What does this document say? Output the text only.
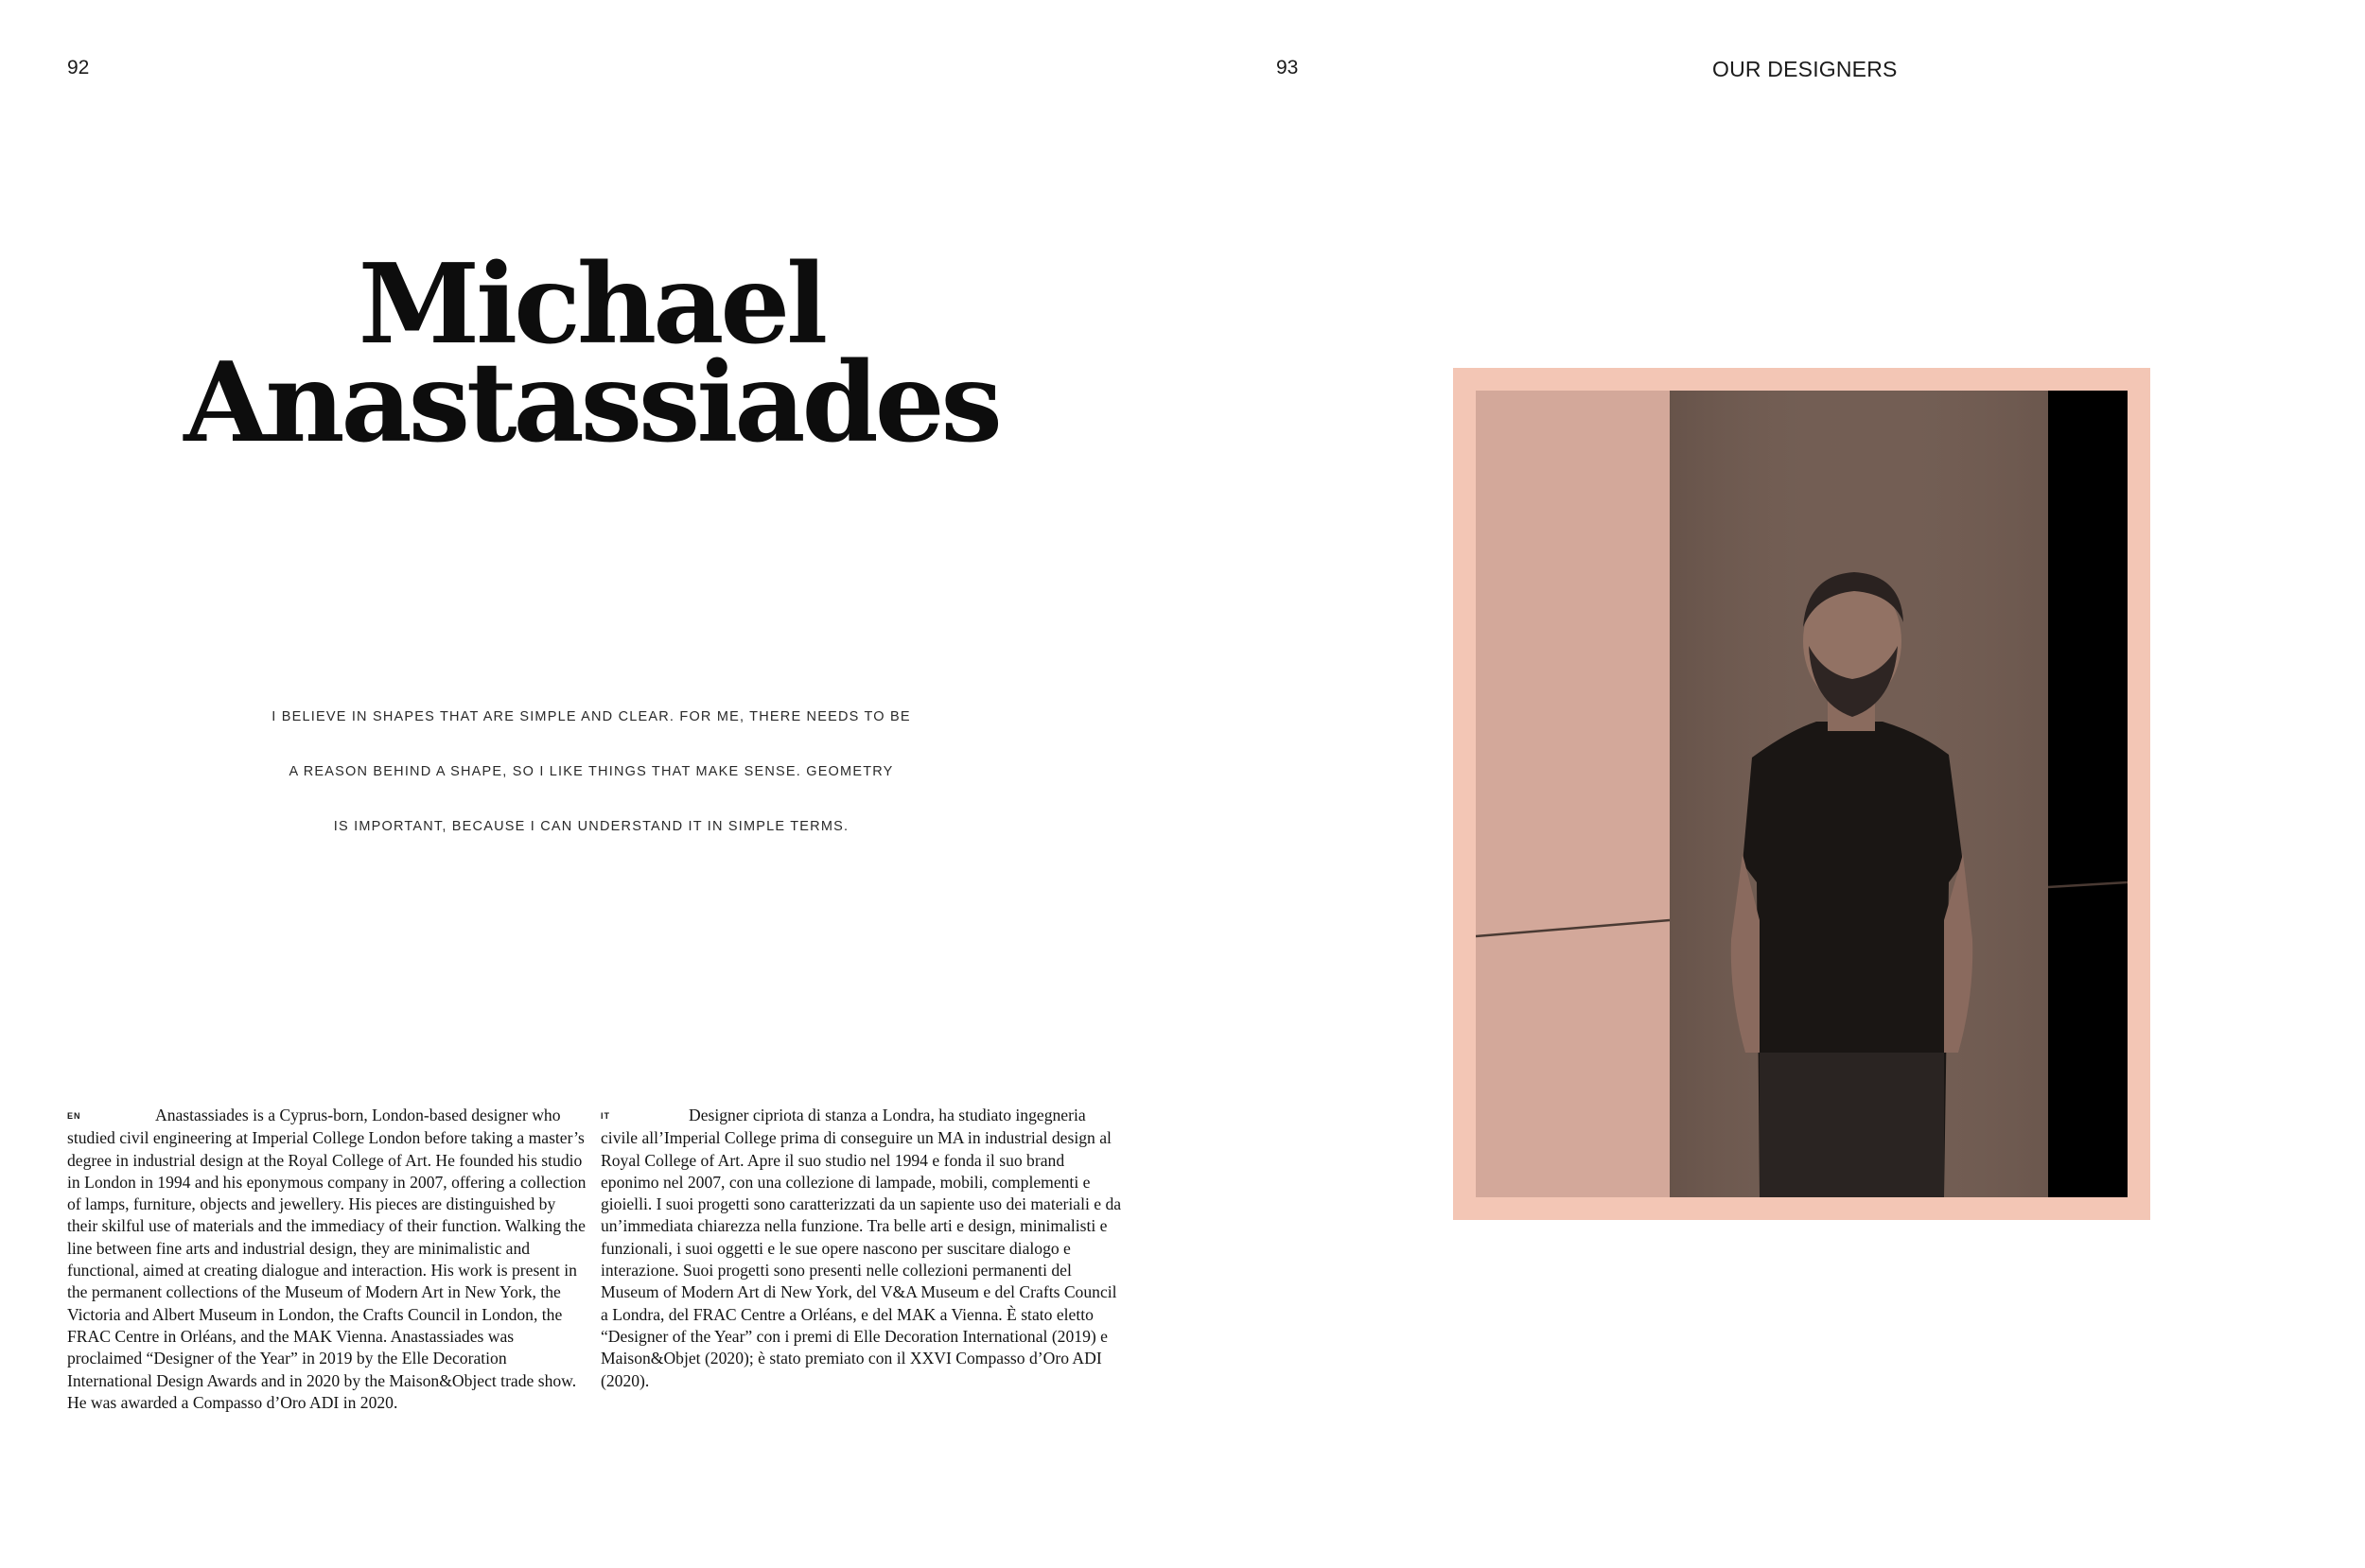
92	93	OUR DESIGNERS
Michael
Anastassiades
I BELIEVE IN SHAPES THAT ARE SIMPLE AND CLEAR. FOR ME, THERE NEEDS TO BE
A REASON BEHIND A SHAPE, SO I LIKE THINGS THAT MAKE SENSE. GEOMETRY
IS IMPORTANT, BECAUSE I CAN UNDERSTAND IT IN SIMPLE TERMS.
EN	Anastassiades is a Cyprus-born, London-based designer who studied civil engineering at Imperial College London before taking a master’s degree in industrial design at the Royal College of Art. He founded his studio in London in 1994 and his eponymous company in 2007, offering a collection of lamps, furniture, objects and jewellery. His pieces are distinguished by their skilful use of materials and the immediacy of their function. Walking the line between fine arts and industrial design, they are minimalistic and functional, aimed at creating dialogue and interaction. His work is present in the permanent collections of the Museum of Modern Art in New York, the Victoria and Albert Museum in London, the Crafts Council in London, the FRAC Centre in Orléans, and the MAK Vienna. Anastassiades was proclaimed “Designer of the Year” in 2019 by the Elle Decoration International Design Awards and in 2020 by the Maison&Object trade show. He was awarded a Compasso d’Oro ADI in 2020.
IT	Designer cipriota di stanza a Londra, ha studiato ingegneria civile all’Imperial College prima di conseguire un MA in industrial design al Royal College of Art. Apre il suo studio nel 1994 e fonda il suo brand eponimo nel 2007, con una collezione di lampade, mobili, complementi e gioielli. I suoi progetti sono caratterizzati da un sapiente uso dei materiali e da un’immediata chiarezza nella funzione. Tra belle arti e design, minimalisti e funzionali, i suoi oggetti e le sue opere nascono per suscitare dialogo e interazione. Suoi progetti sono presenti nelle collezioni permanenti del Museum of Modern Art di New York, del V&A Museum e del Crafts Council a Londra, del FRAC Centre a Orléans, e del MAK a Vienna. È stato eletto “Designer of the Year” con i premi di Elle Decoration International (2019) e Maison&Objet (2020); è stato premiato con il XXVI Compasso d’Oro ADI (2020).
